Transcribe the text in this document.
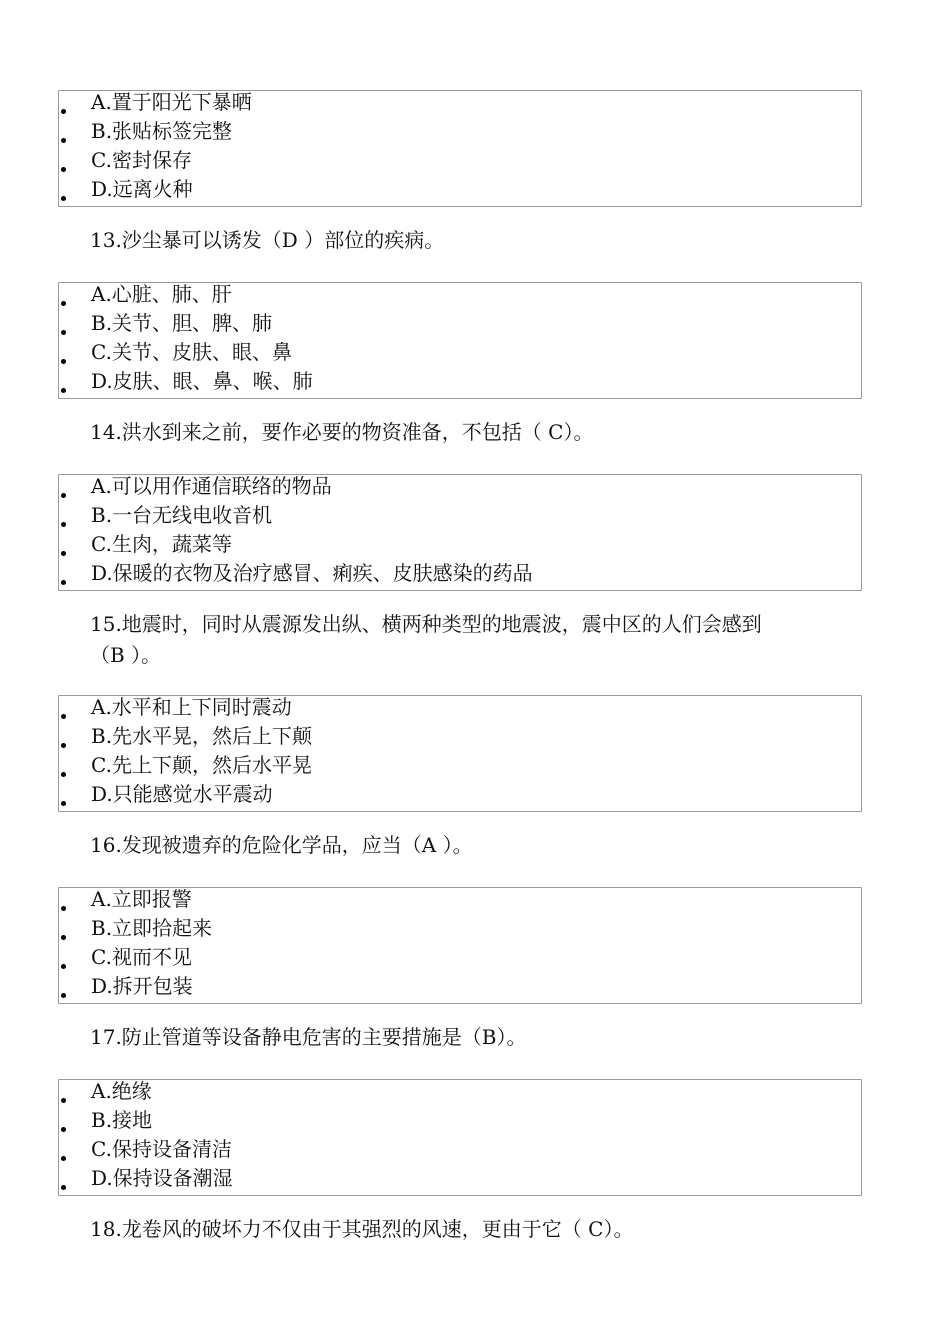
A.置于阳光下暴晒
B.张贴标签完整
C.密封保存
D.远离火种
13.沙尘暴可以诱发（D ）部位的疾病。
A.心脏、肺、肝
B.关节、胆、脾、肺
C.关节、皮肤、眼、鼻
D.皮肤、眼、鼻、喉、肺
14.洪水到来之前，要作必要的物资准备，不包括（ C）。
A.可以用作通信联络的物品
B.一台无线电收音机
C.生肉，蔬菜等
D.保暖的衣物及治疗感冒、痢疾、皮肤感染的药品
15.地震时，同时从震源发出纵、横两种类型的地震波，震中区的人们会感到
（B ）。
A.水平和上下同时震动
B.先水平晃，然后上下颠
C.先上下颠，然后水平晃
D.只能感觉水平震动
16.发现被遗弃的危险化学品，应当（A ）。
A.立即报警
B.立即拾起来
C.视而不见
D.拆开包装
17.防止管道等设备静电危害的主要措施是（B）。
A.绝缘
B.接地
C.保持设备清洁
D.保持设备潮湿
18.龙卷风的破坏力不仅由于其强烈的风速，更由于它（ C）。
